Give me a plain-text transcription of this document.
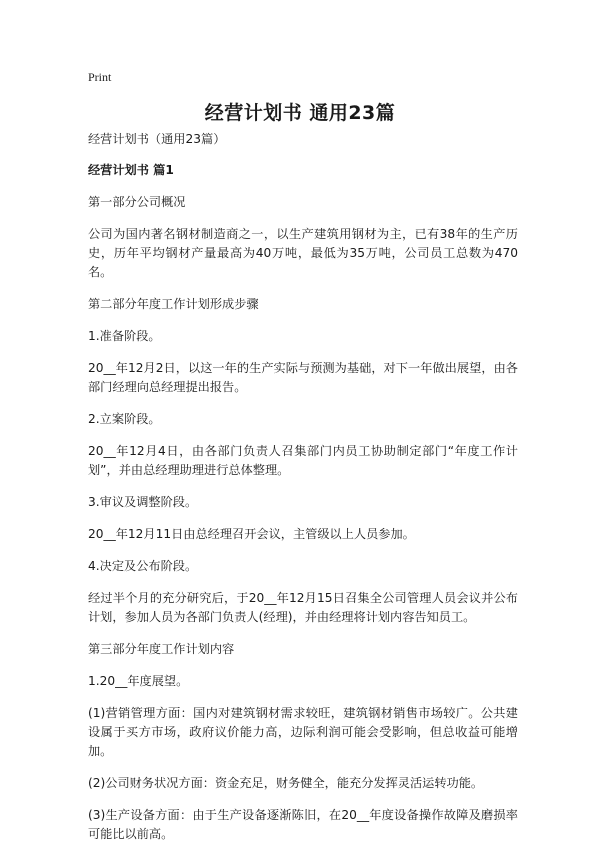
Print
经营计划书 通用23篇

经营计划书（通用23篇）

经营计划书 篇1

第一部分公司概况

公司为国内著名钢材制造商之一，以生产建筑用钢材为主，已有38年的生产历史，历年平均钢材产量最高为40万吨，最低为35万吨，公司员工总数为470名。

第二部分年度工作计划形成步骤

1.准备阶段。

20__年12月2日，以这一年的生产实际与预测为基础，对下一年做出展望，由各部门经理向总经理提出报告。

2.立案阶段。

20__年12月4日，由各部门负责人召集部门内员工协助制定部门“年度工作计划”，并由总经理助理进行总体整理。

3.审议及调整阶段。

20__年12月11日由总经理召开会议，主管级以上人员参加。

4.决定及公布阶段。

经过半个月的充分研究后，于20__年12月15日召集全公司管理人员会议并公布计划，参加人员为各部门负责人(经理)，并由经理将计划内容告知员工。

第三部分年度工作计划内容

1.20__年度展望。

(1)营销管理方面：国内对建筑钢材需求较旺，建筑钢材销售市场较广。公共建设属于买方市场，政府议价能力高，边际利润可能会受影响，但总收益可能增加。

(2)公司财务状况方面：资金充足，财务健全，能充分发挥灵活运转功能。

(3)生产设备方面：由于生产设备逐渐陈旧，在20__年度设备操作故障及磨损率可能比以前高。
